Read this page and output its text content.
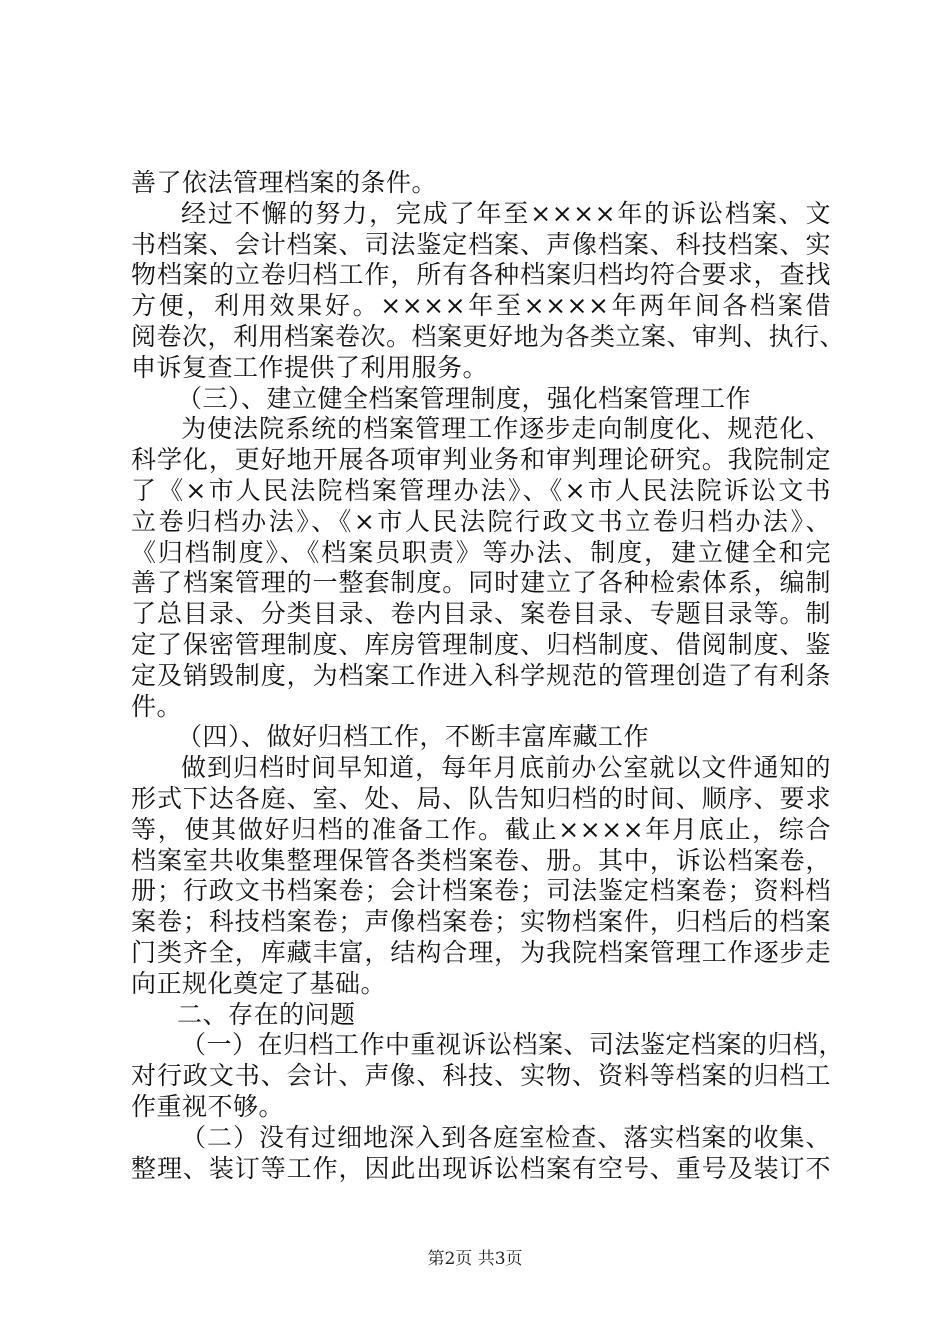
善了依法管理档案的条件。

经过不懈的努力，完成了年至××××年的诉讼档案、文

书档案、会计档案、司法鉴定档案、声像档案、科技档案、实

物档案的立卷归档工作，所有各种档案归档均符合要求，查找

方便，利用效果好。××××年至××××年两年间各档案借

阅卷次，利用档案卷次。档案更好地为各类立案、审判、执行、

申诉复查工作提供了利用服务。

（三）、建立健全档案管理制度，强化档案管理工作

为使法院系统的档案管理工作逐步走向制度化、规范化、

科学化，更好地开展各项审判业务和审判理论研究。我院制定

了《×市人民法院档案管理办法》、《×市人民法院诉讼文书

立卷归档办法》、《×市人民法院行政文书立卷归档办法》、

《归档制度》、《档案员职责》等办法、制度，建立健全和完

善了档案管理的一整套制度。同时建立了各种检索体系，编制

了总目录、分类目录、卷内目录、案卷目录、专题目录等。制

定了保密管理制度、库房管理制度、归档制度、借阅制度、鉴

定及销毁制度，为档案工作进入科学规范的管理创造了有利条

件。

（四）、做好归档工作，不断丰富库藏工作

做到归档时间早知道，每年月底前办公室就以文件通知的

形式下达各庭、室、处、局、队告知归档的时间、顺序、要求

等，使其做好归档的准备工作。截止××××年月底止，综合

档案室共收集整理保管各类档案卷、册。其中，诉讼档案卷，

册；行政文书档案卷；会计档案卷；司法鉴定档案卷；资料档

案卷；科技档案卷；声像档案卷；实物档案件，归档后的档案

门类齐全，库藏丰富，结构合理，为我院档案管理工作逐步走

向正规化奠定了基础。

二、存在的问题

（一）在归档工作中重视诉讼档案、司法鉴定档案的归档，

对行政文书、会计、声像、科技、实物、资料等档案的归档工

作重视不够。

（二）没有过细地深入到各庭室检查、落实档案的收集、

整理、装订等工作，因此出现诉讼档案有空号、重号及装订不

第2页 共3页
